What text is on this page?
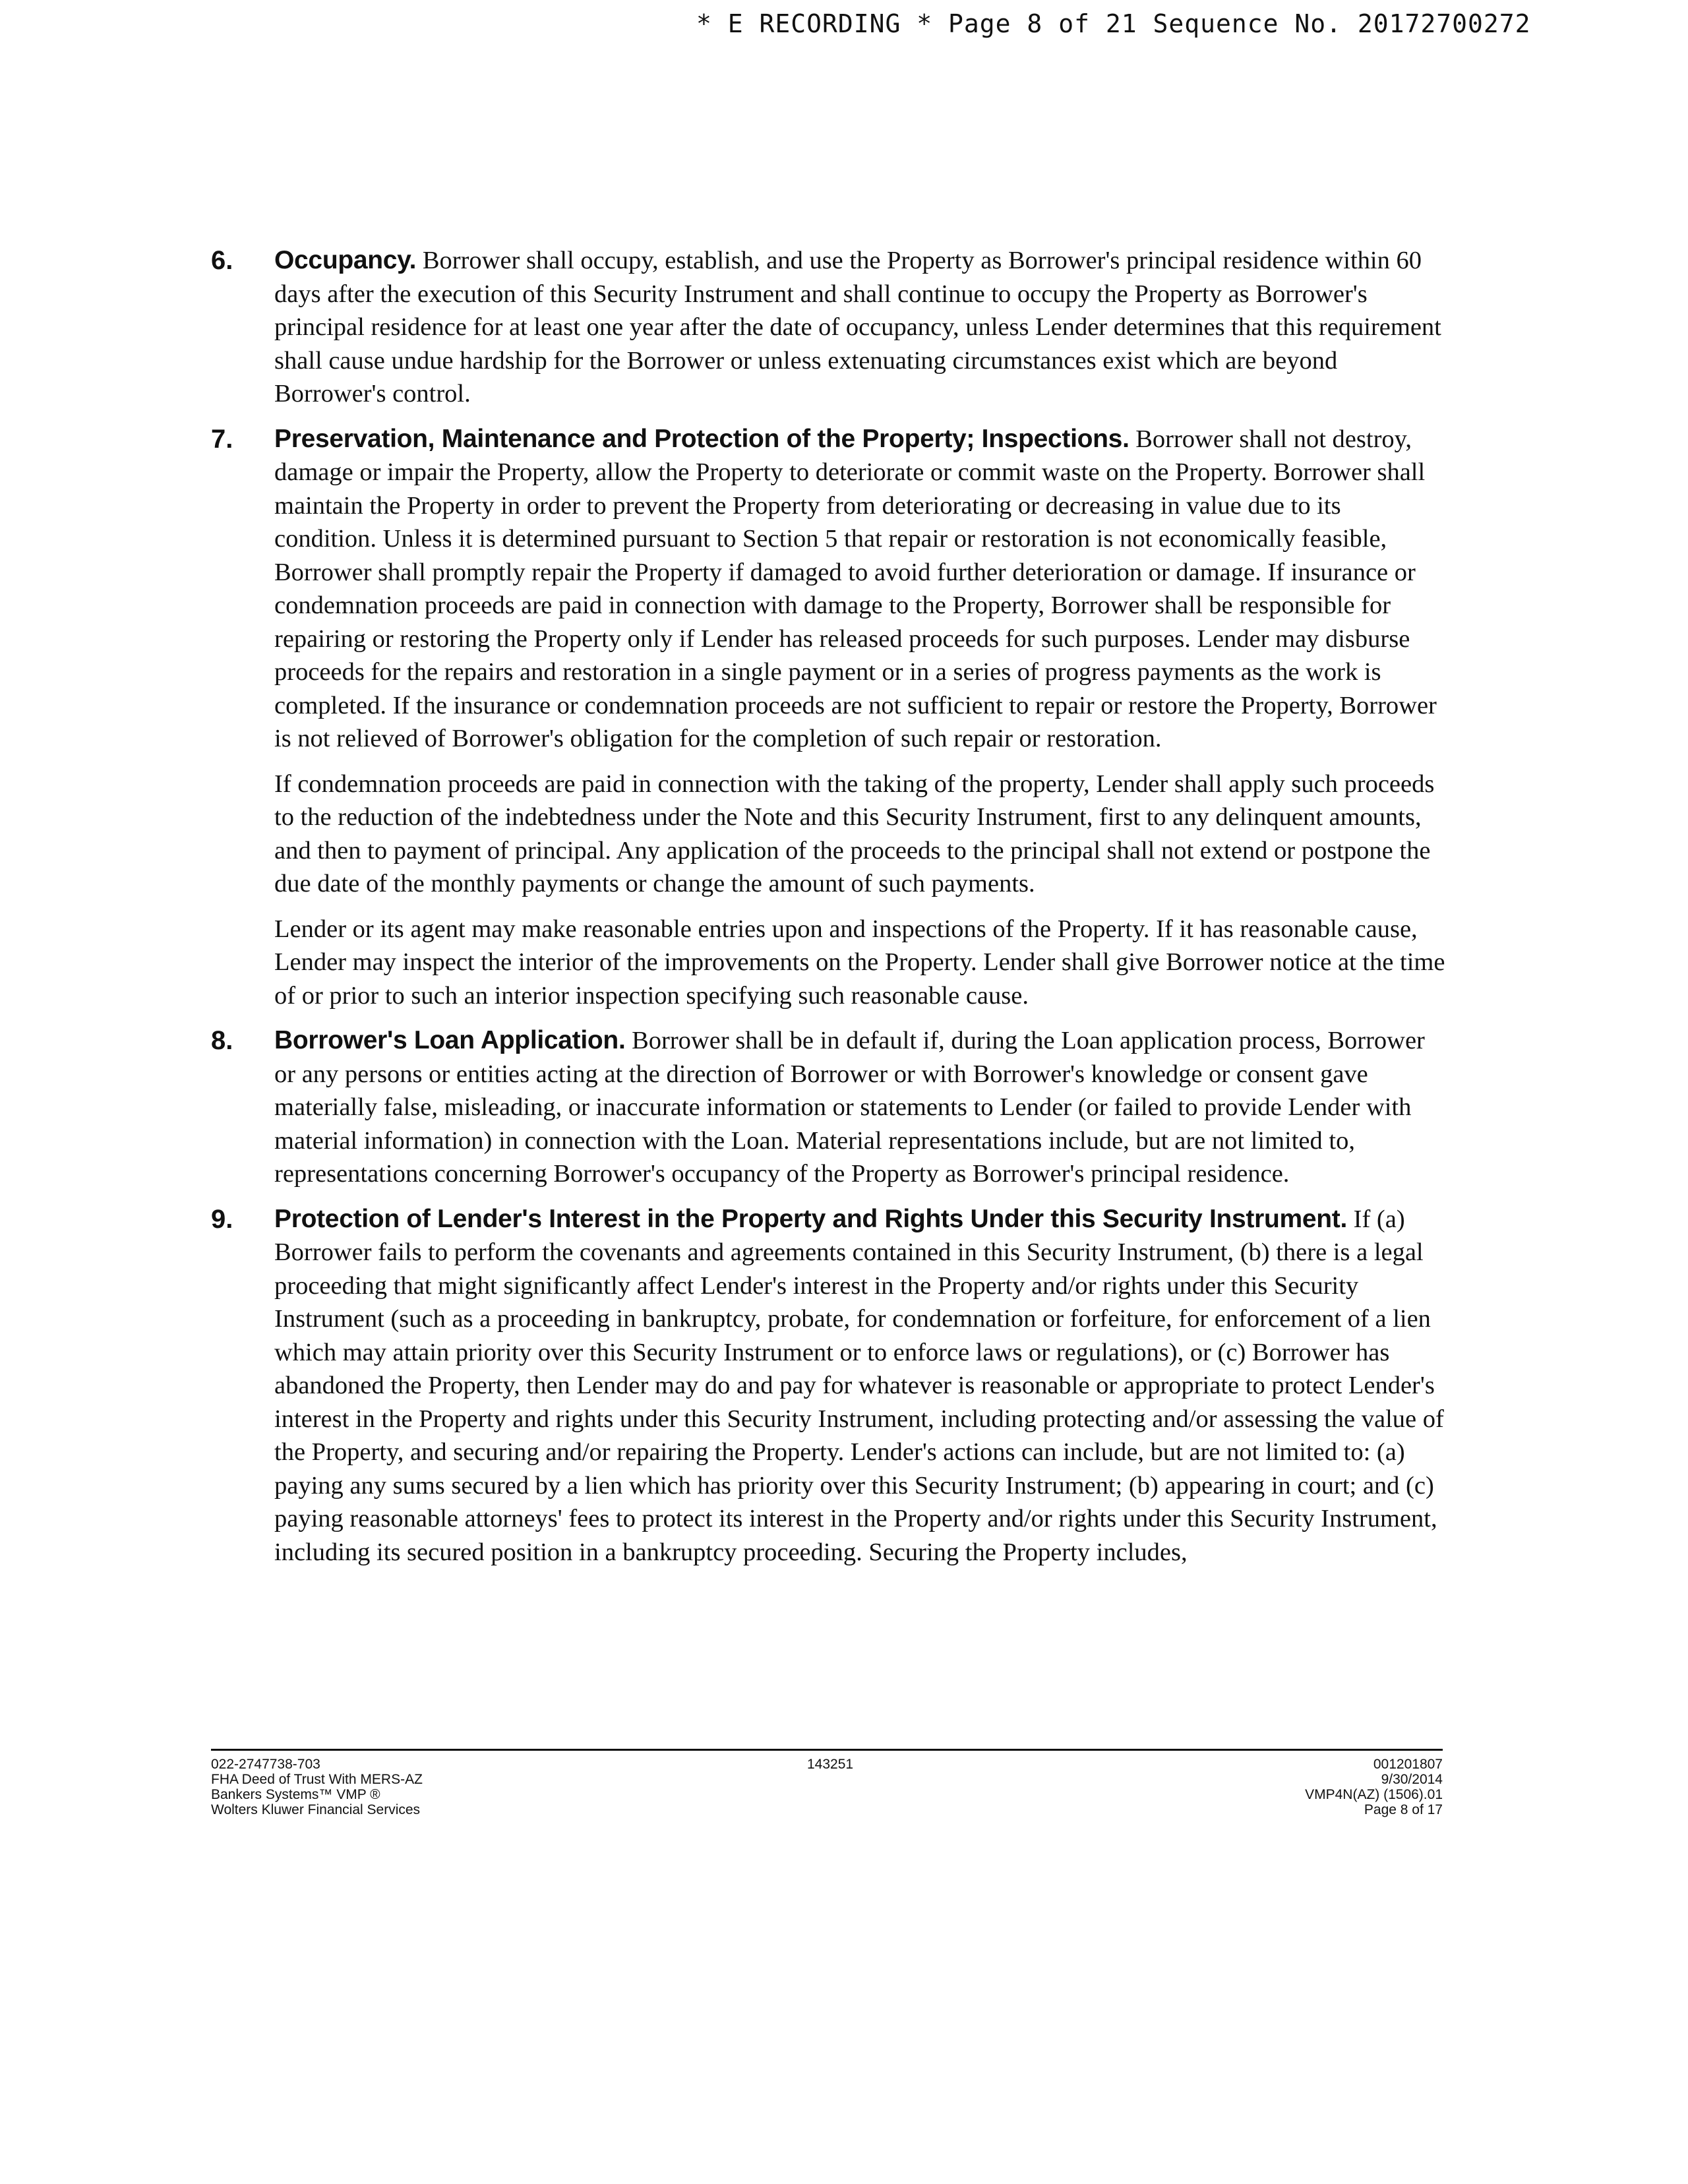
* E RECORDING * Page 8 of 21 Sequence No. 20172700272
6. Occupancy. Borrower shall occupy, establish, and use the Property as Borrower's principal residence within 60 days after the execution of this Security Instrument and shall continue to occupy the Property as Borrower's principal residence for at least one year after the date of occupancy, unless Lender determines that this requirement shall cause undue hardship for the Borrower or unless extenuating circumstances exist which are beyond Borrower's control.

7. Preservation, Maintenance and Protection of the Property; Inspections. Borrower shall not destroy, damage or impair the Property, allow the Property to deteriorate or commit waste on the Property. Borrower shall maintain the Property in order to prevent the Property from deteriorating or decreasing in value due to its condition. Unless it is determined pursuant to Section 5 that repair or restoration is not economically feasible, Borrower shall promptly repair the Property if damaged to avoid further deterioration or damage. If insurance or condemnation proceeds are paid in connection with damage to the Property, Borrower shall be responsible for repairing or restoring the Property only if Lender has released proceeds for such purposes. Lender may disburse proceeds for the repairs and restoration in a single payment or in a series of progress payments as the work is completed. If the insurance or condemnation proceeds are not sufficient to repair or restore the Property, Borrower is not relieved of Borrower's obligation for the completion of such repair or restoration.

If condemnation proceeds are paid in connection with the taking of the property, Lender shall apply such proceeds to the reduction of the indebtedness under the Note and this Security Instrument, first to any delinquent amounts, and then to payment of principal. Any application of the proceeds to the principal shall not extend or postpone the due date of the monthly payments or change the amount of such payments.

Lender or its agent may make reasonable entries upon and inspections of the Property. If it has reasonable cause, Lender may inspect the interior of the improvements on the Property. Lender shall give Borrower notice at the time of or prior to such an interior inspection specifying such reasonable cause.

8. Borrower's Loan Application. Borrower shall be in default if, during the Loan application process, Borrower or any persons or entities acting at the direction of Borrower or with Borrower's knowledge or consent gave materially false, misleading, or inaccurate information or statements to Lender (or failed to provide Lender with material information) in connection with the Loan. Material representations include, but are not limited to, representations concerning Borrower's occupancy of the Property as Borrower's principal residence.

9. Protection of Lender's Interest in the Property and Rights Under this Security Instrument. If (a) Borrower fails to perform the covenants and agreements contained in this Security Instrument, (b) there is a legal proceeding that might significantly affect Lender's interest in the Property and/or rights under this Security Instrument (such as a proceeding in bankruptcy, probate, for condemnation or forfeiture, for enforcement of a lien which may attain priority over this Security Instrument or to enforce laws or regulations), or (c) Borrower has abandoned the Property, then Lender may do and pay for whatever is reasonable or appropriate to protect Lender's interest in the Property and rights under this Security Instrument, including protecting and/or assessing the value of the Property, and securing and/or repairing the Property. Lender's actions can include, but are not limited to: (a) paying any sums secured by a lien which has priority over this Security Instrument; (b) appearing in court; and (c) paying reasonable attorneys' fees to protect its interest in the Property and/or rights under this Security Instrument, including its secured position in a bankruptcy proceeding. Securing the Property includes,

022-2747738-703
FHA Deed of Trust With MERS-AZ
Bankers Systems™ VMP ®
Wolters Kluwer Financial Services
143251	001201807
9/30/2014
VMP4N(AZ) (1506).01
Page 8 of 17
